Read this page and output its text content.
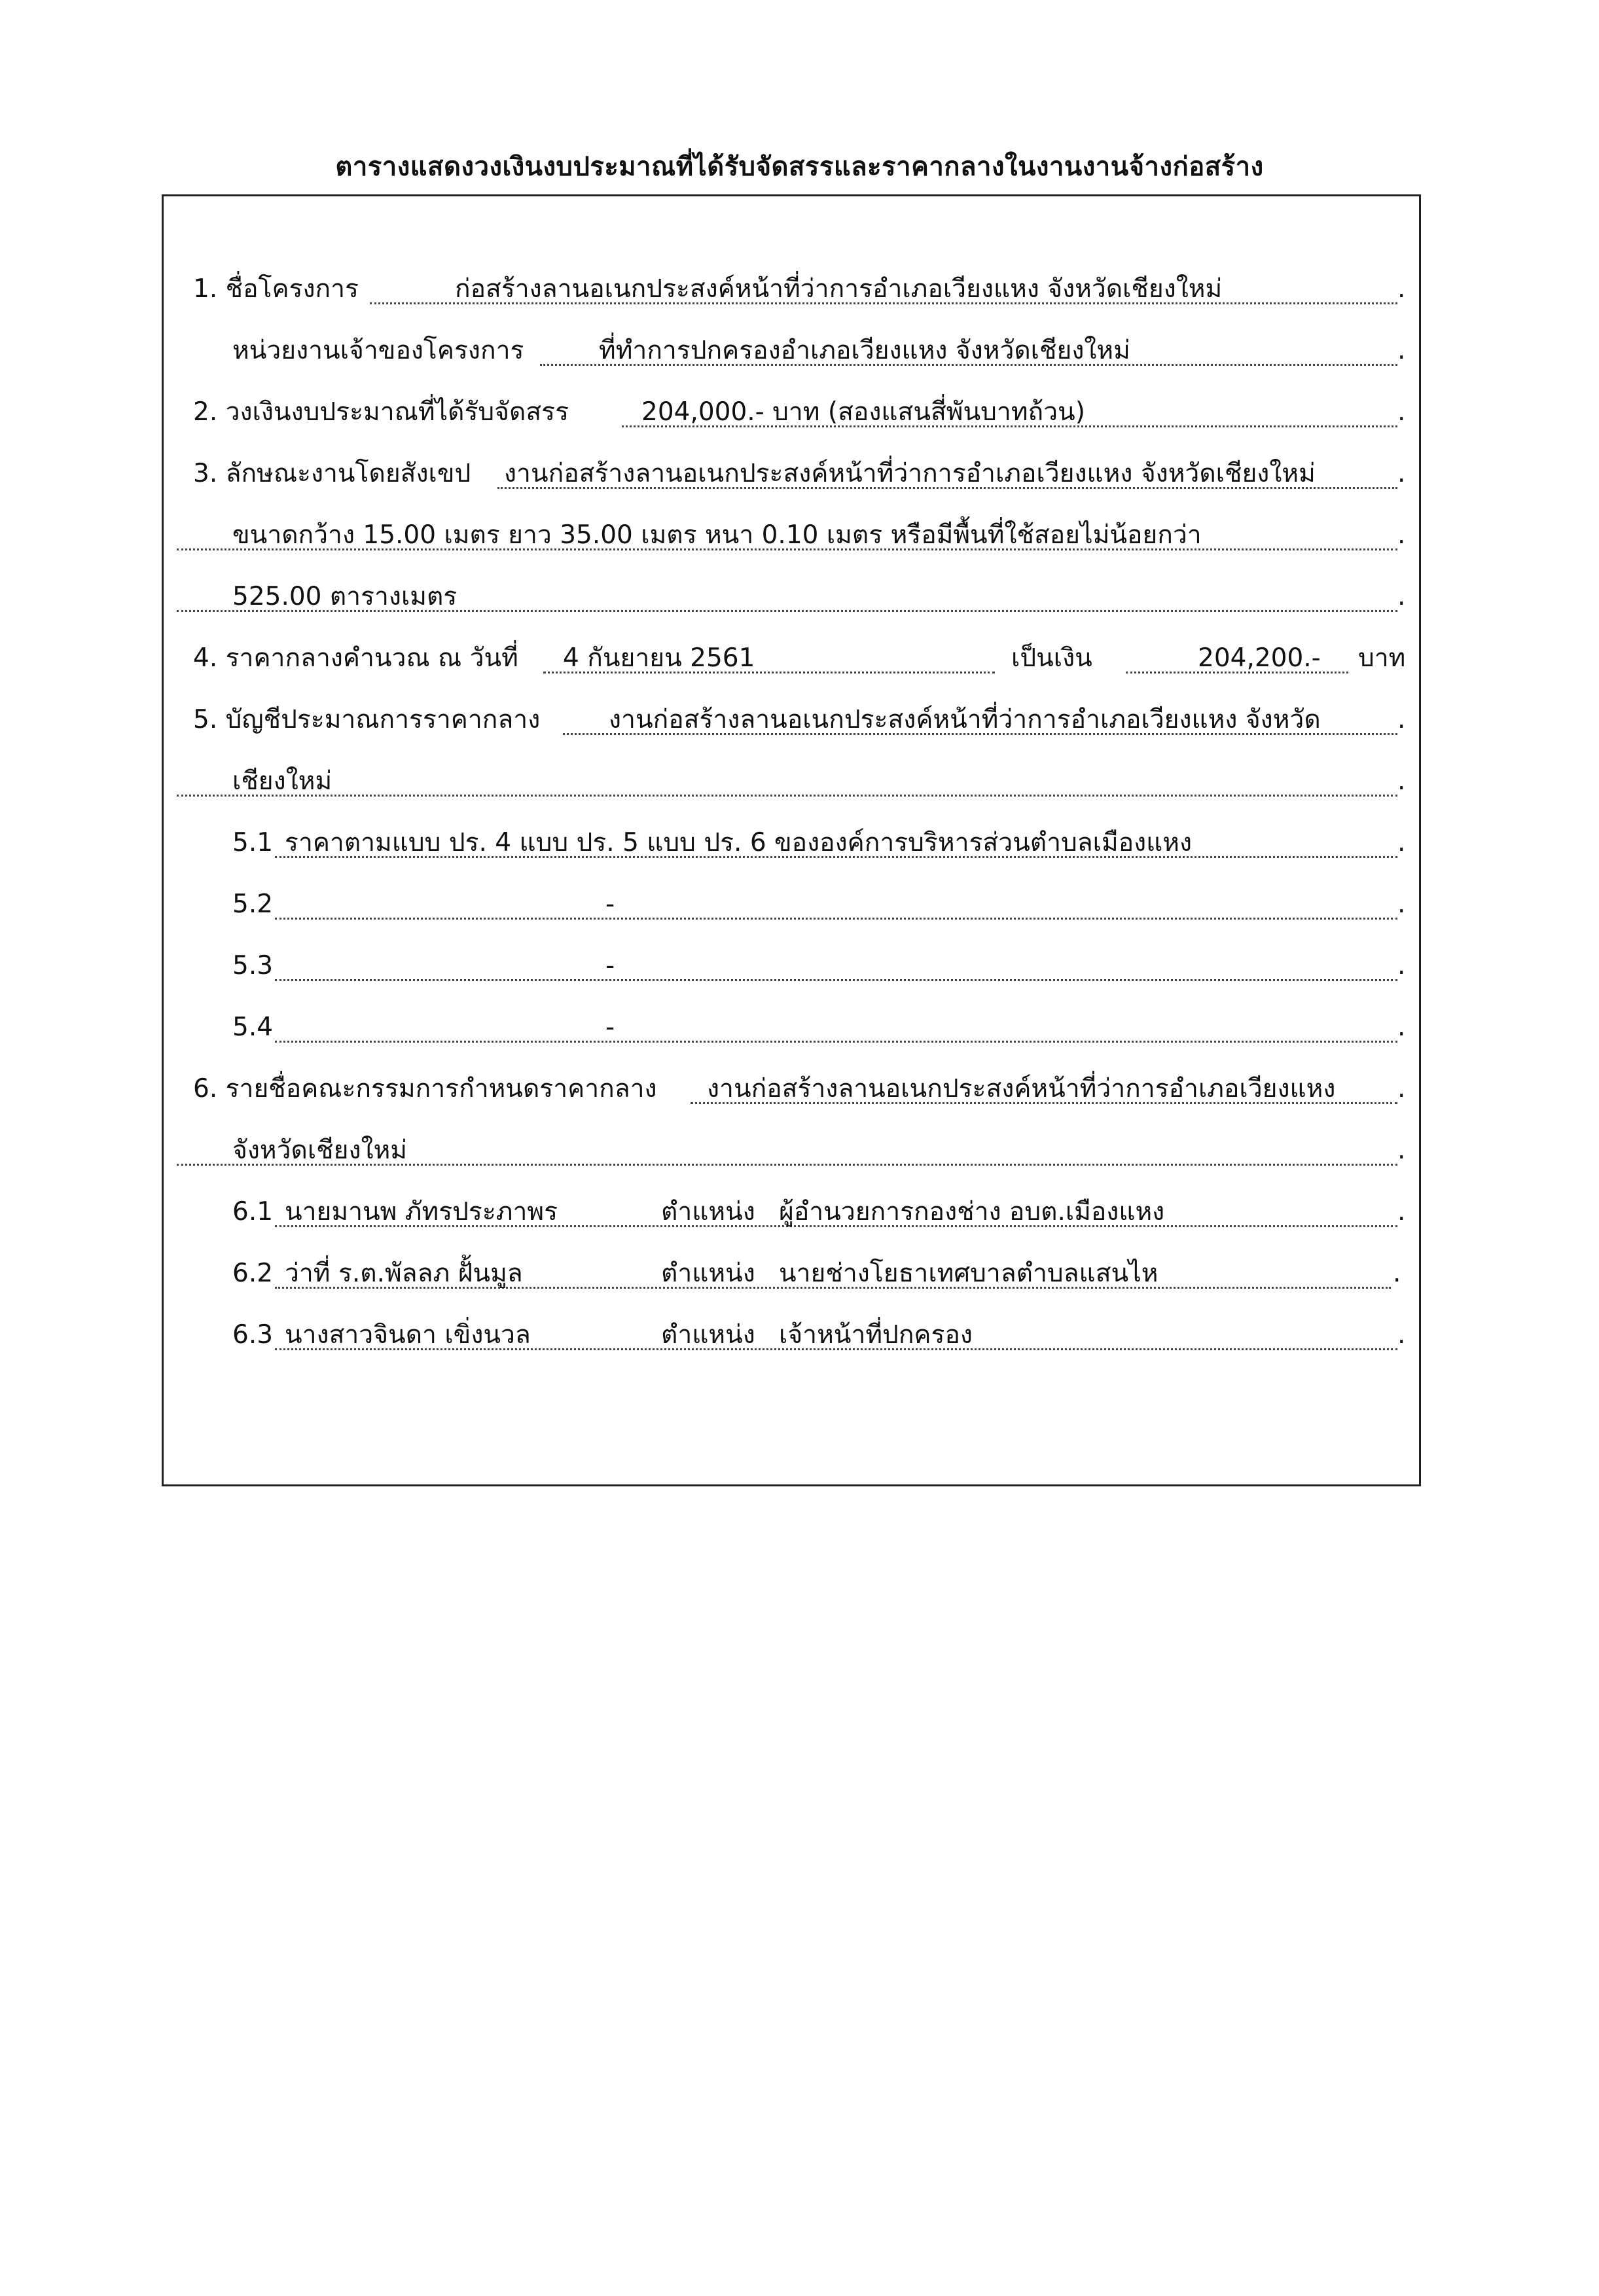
ตารางแสดงวงเงินงบประมาณที่ได้รับจัดสรรและราคากลางในงานงานจ้างก่อสร้าง
1. ชื่อโครงการ	ก่อสร้างลานอเนกประสงค์หน้าที่ว่าการอำเภอเวียงแหง จังหวัดเชียงใหม่	.
หน่วยงานเจ้าของโครงการ	ที่ทำการปกครองอำเภอเวียงแหง จังหวัดเชียงใหม่	.
2. วงเงินงบประมาณที่ได้รับจัดสรร	204,000.- บาท (สองแสนสี่พันบาทถ้วน)	.
3. ลักษณะงานโดยสังเขป งานก่อสร้างลานอเนกประสงค์หน้าที่ว่าการอำเภอเวียงแหง จังหวัดเชียงใหม่	.
ขนาดกว้าง 15.00 เมตร ยาว 35.00 เมตร หนา 0.10 เมตร หรือมีพื้นที่ใช้สอยไม่น้อยกว่า	.
525.00 ตารางเมตร	.
4. ราคากลางคำนวณ ณ วันที่ 4 กันยายน 2561	เป็นเงิน	204,200.- บาท
5. บัญชีประมาณการราคากลาง	งานก่อสร้างลานอเนกประสงค์หน้าที่ว่าการอำเภอเวียงแหง จังหวัด	.
เชียงใหม่	.
5.1 ราคาตามแบบ ปร. 4 แบบ ปร. 5 แบบ ปร. 6 ขององค์การบริหารส่วนตำบลเมืองแหง	.
5.2	-	.
5.3	-	.
5.4	-	.
6. รายชื่อคณะกรรมการกำหนดราคากลาง งานก่อสร้างลานอเนกประสงค์หน้าที่ว่าการอำเภอเวียงแหง .
จังหวัดเชียงใหม่	.
6.1 นายมานพ ภัทรประภาพร	ตำแหน่ง ผู้อำนวยการกองช่าง อบต.เมืองแหง	.
6.2 ว่าที่ ร.ต.พัลลภ ฝั้นมูล	ตำแหน่ง นายช่างโยธาเทศบาลตำบลแสนไห	.
6.3 นางสาวจินดา เขิ่งนวล	ตำแหน่ง เจ้าหน้าที่ปกครอง	.
